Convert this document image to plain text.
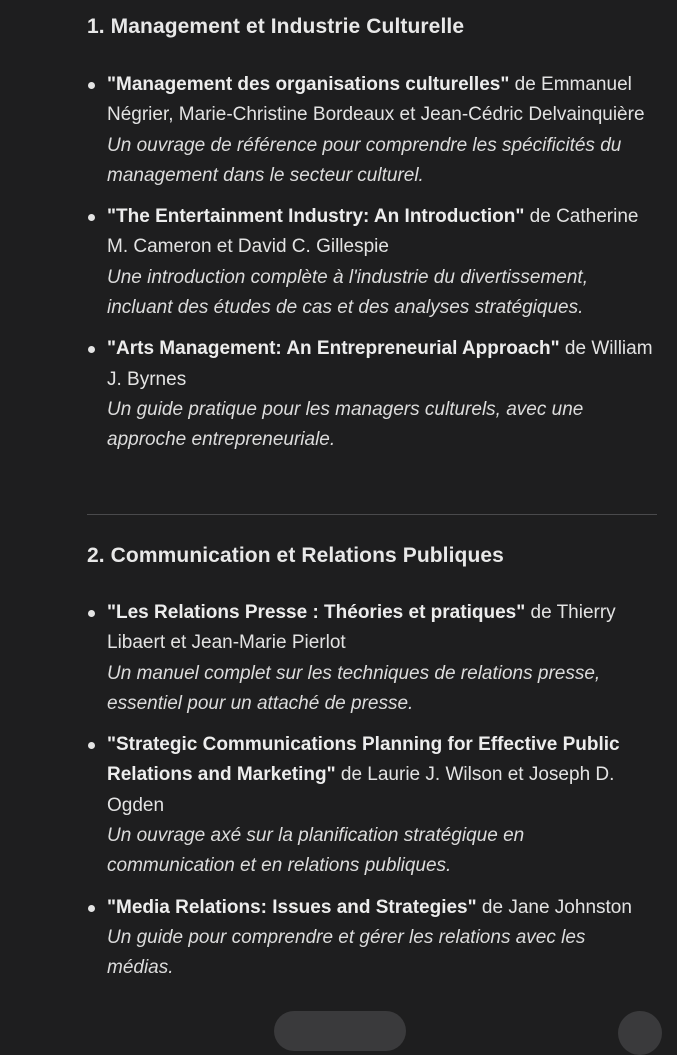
1. Management et Industrie Culturelle
"Management des organisations culturelles" de Emmanuel Négrier, Marie-Christine Bordeaux et Jean-Cédric Delvainquière
Un ouvrage de référence pour comprendre les spécificités du management dans le secteur culturel.
"The Entertainment Industry: An Introduction" de Catherine M. Cameron et David C. Gillespie
Une introduction complète à l'industrie du divertissement, incluant des études de cas et des analyses stratégiques.
"Arts Management: An Entrepreneurial Approach" de William J. Byrnes
Un guide pratique pour les managers culturels, avec une approche entrepreneuriale.
2. Communication et Relations Publiques
"Les Relations Presse : Théories et pratiques" de Thierry Libaert et Jean-Marie Pierlot
Un manuel complet sur les techniques de relations presse, essentiel pour un attaché de presse.
"Strategic Communications Planning for Effective Public Relations and Marketing" de Laurie J. Wilson et Joseph D. Ogden
Un ouvrage axé sur la planification stratégique en communication et en relations publiques.
"Media Relations: Issues and Strategies" de Jane Johnston
Un guide pour comprendre et gérer les relations avec les médias.
